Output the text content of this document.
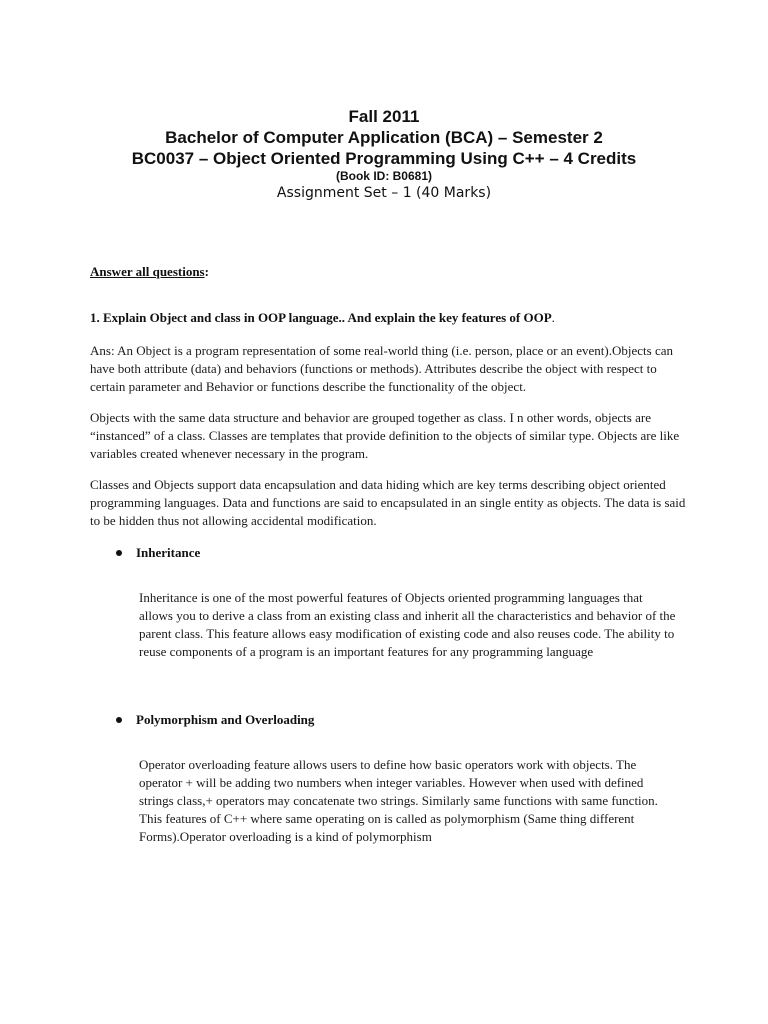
Fall 2011
Bachelor of Computer Application (BCA) – Semester 2
BC0037 – Object Oriented Programming Using C++ – 4 Credits
(Book ID: B0681)
Assignment Set – 1 (40 Marks)
Answer all questions:
1. Explain Object and class in OOP language.. And explain the key features of OOP.

Ans: An Object is a program representation of some real-world thing (i.e. person, place or an event).Objects can have both attribute (data) and behaviors (functions or methods). Attributes describe the object with respect to certain parameter and Behavior or functions describe the functionality of the object.

Objects with the same data structure and behavior are grouped together as class. I n other words, objects are “instanced” of a class. Classes are templates that provide definition to the objects of similar type. Objects are like variables created whenever necessary in the program.

Classes and Objects support data encapsulation and data hiding which are key terms describing object oriented programming languages. Data and functions are said to encapsulated in an single entity as objects. The data is said to be hidden thus not allowing accidental modification.

Inheritance

Inheritance is one of the most powerful features of Objects oriented programming languages that allows you to derive a class from an existing class and inherit all the characteristics and behavior of the parent class. This feature allows easy modification of existing code and also reuses code. The ability to reuse components of a program is an important features for any programming language

Polymorphism and Overloading

Operator overloading feature allows users to define how basic operators work with objects. The operator + will be adding two numbers when integer variables. However when used with defined strings class,+ operators may concatenate two strings. Similarly same functions with same function. This features of C++ where same operating on is called as polymorphism (Same thing different Forms).Operator overloading is a kind of polymorphism
